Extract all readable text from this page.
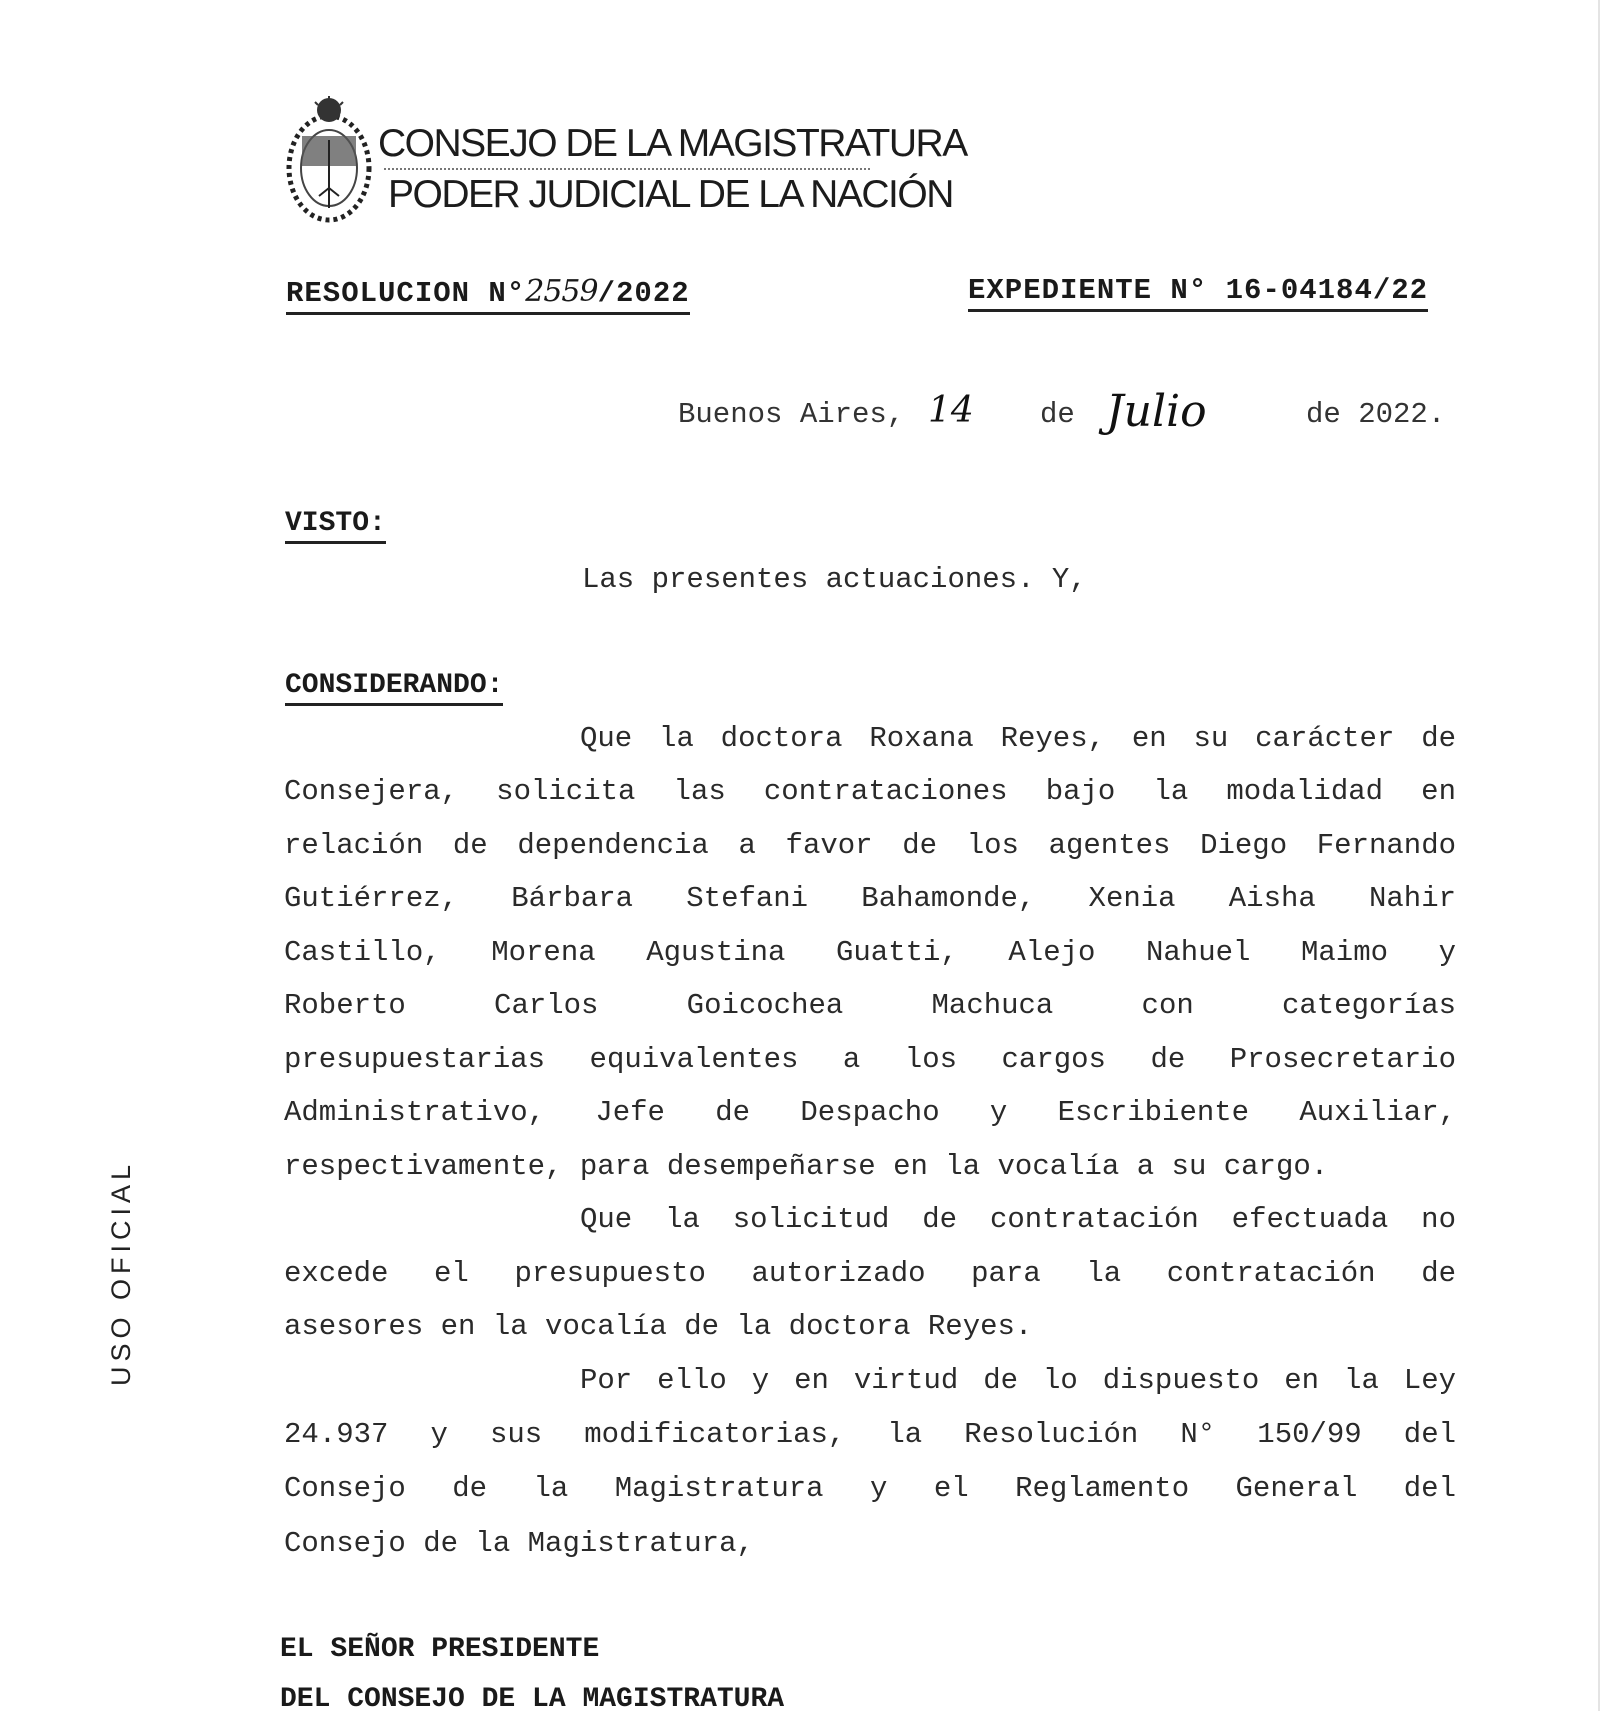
CONSEJO DE LA MAGISTRATURA
PODER JUDICIAL DE LA NACIÓN
RESOLUCION N°2559/2022	EXPEDIENTE N° 16-04184/22
Buenos Aires, 14 de Julio	de 2022.
VISTO:
Las presentes actuaciones. Y,
CONSIDERANDO:
Que la doctora Roxana Reyes, en su carácter de
Consejera, solicita las contrataciones bajo la modalidad en
relación de dependencia a favor de los agentes Diego Fernando
Gutiérrez, Bárbara Stefani Bahamonde, Xenia Aisha Nahir
Castillo, Morena Agustina Guatti, Alejo Nahuel Maimo y
Roberto Carlos Goicochea Machuca con categorías
presupuestarias equivalentes a los cargos de Prosecretario
Administrativo, Jefe de Despacho y Escribiente Auxiliar,
respectivamente, para desempeñarse en la vocalía a su cargo.
Que la solicitud de contratación efectuada no
excede el presupuesto autorizado para la contratación de
asesores en la vocalía de la doctora Reyes.
Por ello y en virtud de lo dispuesto en la Ley
24.937 y sus modificatorias, la Resolución N° 150/99 del
Consejo de la Magistratura y el Reglamento General del
Consejo de la Magistratura,
EL SEÑOR PRESIDENTE
DEL CONSEJO DE LA MAGISTRATURA
USO OFICIAL
